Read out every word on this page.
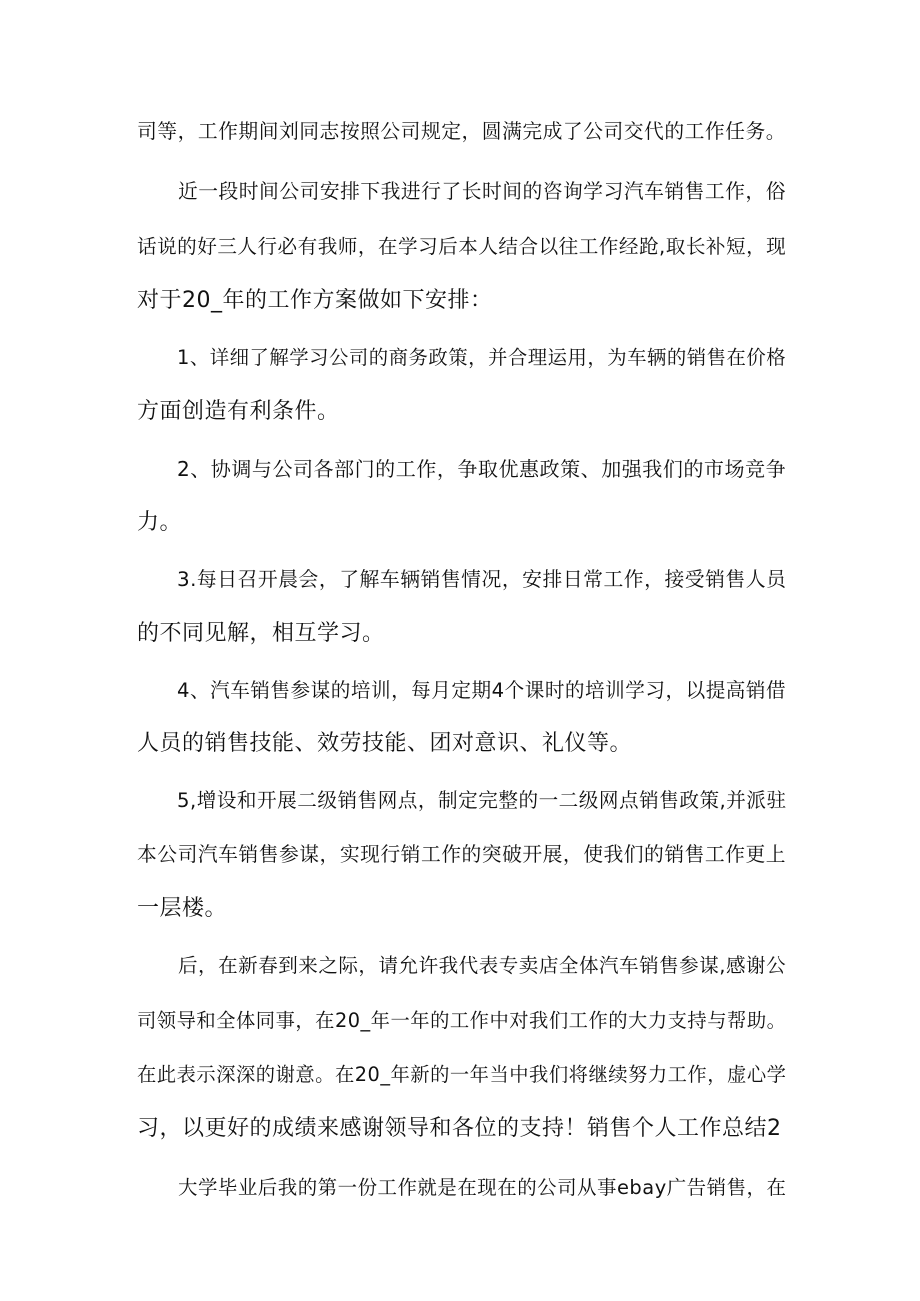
司等，工作期间刘同志按照公司规定，圆满完成了公司交代的工作任务。
近一段时间公司安排下我进行了长时间的咨询学习汽车销售工作，俗
话说的好三人行必有我师，在学习后本人结合以往工作经跄,取长补短，现
对于20_年的工作方案做如下安排：
1、详细了解学习公司的商务政策，并合理运用，为车辆的销售在价格
方面创造有利条件。
2、协调与公司各部门的工作，争取优惠政策、加强我们的市场竞争
力。
3.每日召开晨会，了解车辆销售情况，安排日常工作，接受销售人员
的不同见解，相互学习。
4、汽车销售参谋的培训，每月定期4个课时的培训学习，以提高销借
人员的销售技能、效劳技能、团对意识、礼仪等。
5,增设和开展二级销售网点，制定完整的一二级网点销售政策,并派驻
本公司汽车销售参谋，实现行销工作的突破开展，使我们的销售工作更上
一层楼。
后，在新春到来之际，请允许我代表专卖店全体汽车销售参谋,感谢公
司领导和全体同事，在20_年一年的工作中对我们工作的大力支持与帮助。
在此表示深深的谢意。在20_年新的一年当中我们将继续努力工作，虚心学
习，以更好的成绩来感谢领导和各位的支持！销售个人工作总结2
大学毕业后我的第一份工作就是在现在的公司从事ebay广告销售，在
